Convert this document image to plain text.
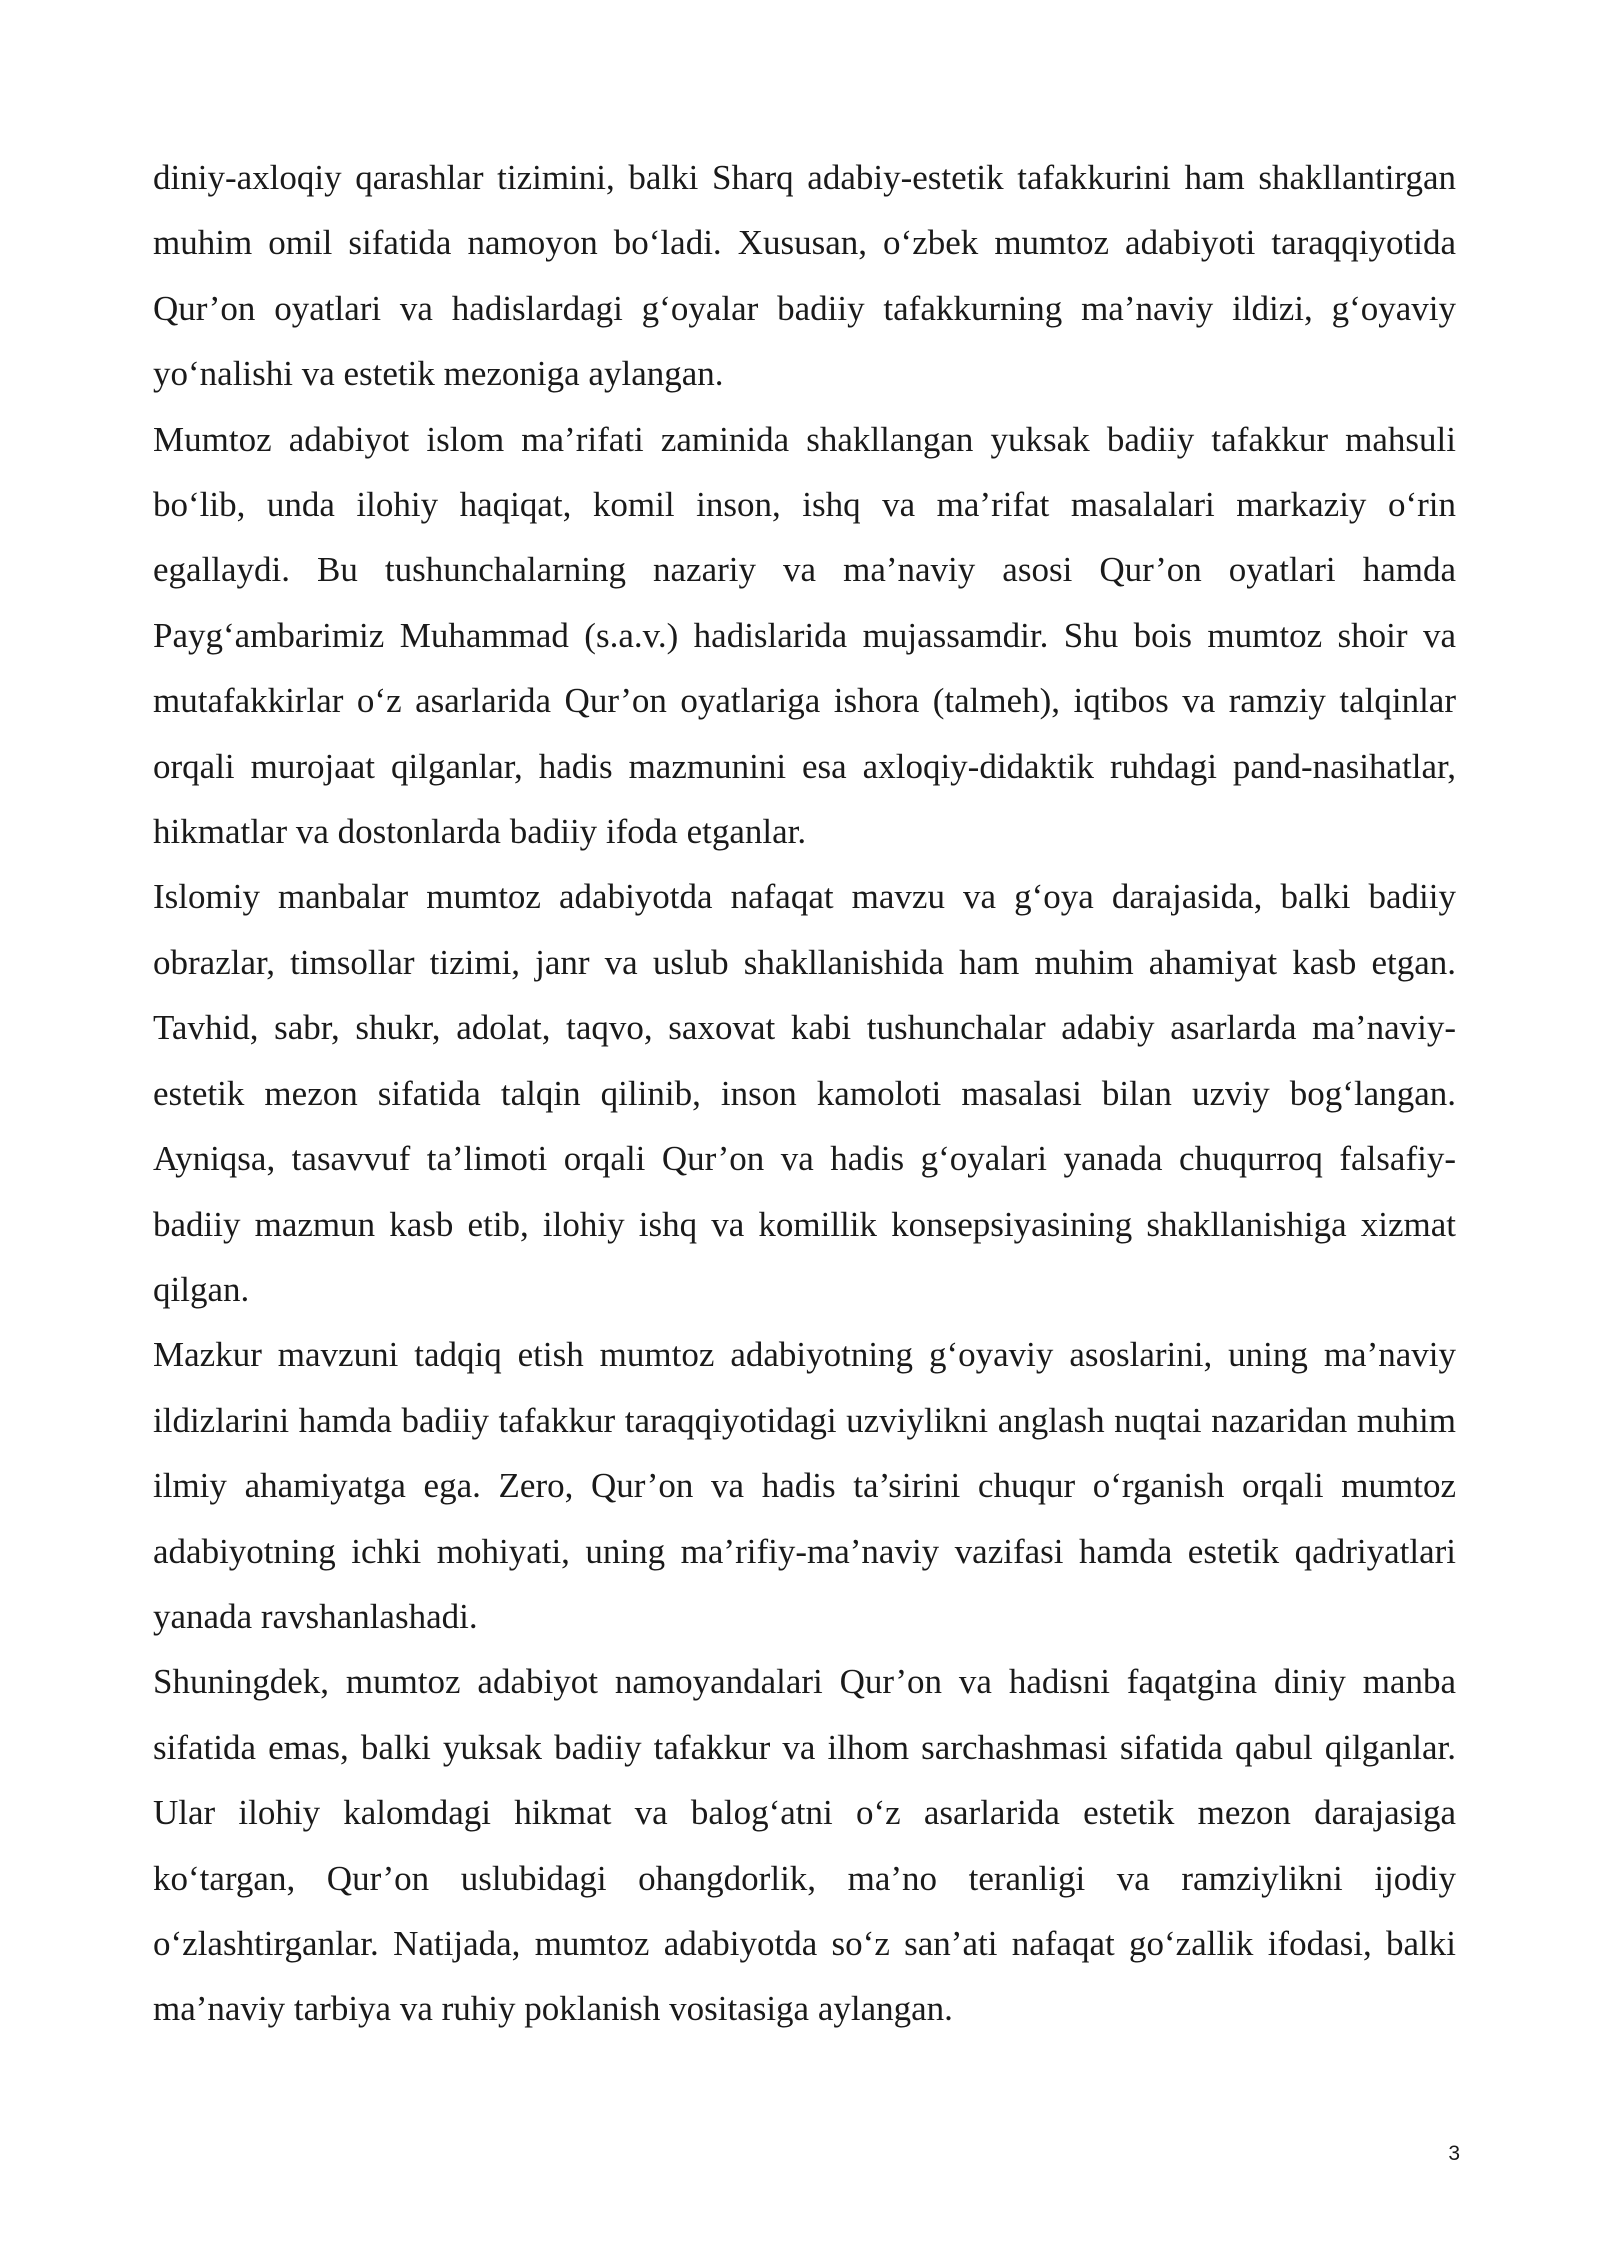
diniy-axloqiy qarashlar tizimini, balki Sharq adabiy-estetik tafakkurini ham shakllantirgan muhim omil sifatida namoyon bo‘ladi. Xususan, o‘zbek mumtoz adabiyoti taraqqiyotida Qur’on oyatlari va hadislardagi g‘oyalar badiiy tafakkurning ma’naviy ildizi, g‘oyaviy yo‘nalishi va estetik mezoniga aylangan.

Mumtoz adabiyot islom ma’rifati zaminida shakllangan yuksak badiiy tafakkur mahsuli bo‘lib, unda ilohiy haqiqat, komil inson, ishq va ma’rifat masalalari markaziy o‘rin egallaydi. Bu tushunchalarning nazariy va ma’naviy asosi Qur’on oyatlari hamda Payg‘ambarimiz Muhammad (s.a.v.) hadislarida mujassamdir. Shu bois mumtoz shoir va mutafakkirlar o‘z asarlarida Qur’on oyatlariga ishora (talmeh), iqtibos va ramziy talqinlar orqali murojaat qilganlar, hadis mazmunini esa axloqiy-didaktik ruhdagi pand-nasihatlar, hikmatlar va dostonlarda badiiy ifoda etganlar.

Islomiy manbalar mumtoz adabiyotda nafaqat mavzu va g‘oya darajasida, balki badiiy obrazlar, timsollar tizimi, janr va uslub shakllanishida ham muhim ahamiyat kasb etgan. Tavhid, sabr, shukr, adolat, taqvo, saxovat kabi tushunchalar adabiy asarlarda ma’naviy-estetik mezon sifatida talqin qilinib, inson kamoloti masalasi bilan uzviy bog‘langan. Ayniqsa, tasavvuf ta’limoti orqali Qur’on va hadis g‘oyalari yanada chuqurroq falsafiy-badiiy mazmun kasb etib, ilohiy ishq va komillik konsepsiyasining shakllanishiga xizmat qilgan.

Mazkur mavzuni tadqiq etish mumtoz adabiyotning g‘oyaviy asoslarini, uning ma’naviy ildizlarini hamda badiiy tafakkur taraqqiyotidagi uzviylikni anglash nuqtai nazaridan muhim ilmiy ahamiyatga ega. Zero, Qur’on va hadis ta’sirini chuqur o‘rganish orqali mumtoz adabiyotning ichki mohiyati, uning ma’rifiy-ma’naviy vazifasi hamda estetik qadriyatlari yanada ravshanlashadi.

Shuningdek, mumtoz adabiyot namoyandalari Qur’on va hadisni faqatgina diniy manba sifatida emas, balki yuksak badiiy tafakkur va ilhom sarchashmasi sifatida qabul qilganlar. Ular ilohiy kalomdagi hikmat va balog‘atni o‘z asarlarida estetik mezon darajasiga ko‘targan, Qur’on uslubidagi ohangdorlik, ma’no teranligi va ramziylikni ijodiy o‘zlashtirganlar. Natijada, mumtoz adabiyotda so‘z san’ati nafaqat go‘zallik ifodasi, balki ma’naviy tarbiya va ruhiy poklanish vositasiga aylangan.

3
